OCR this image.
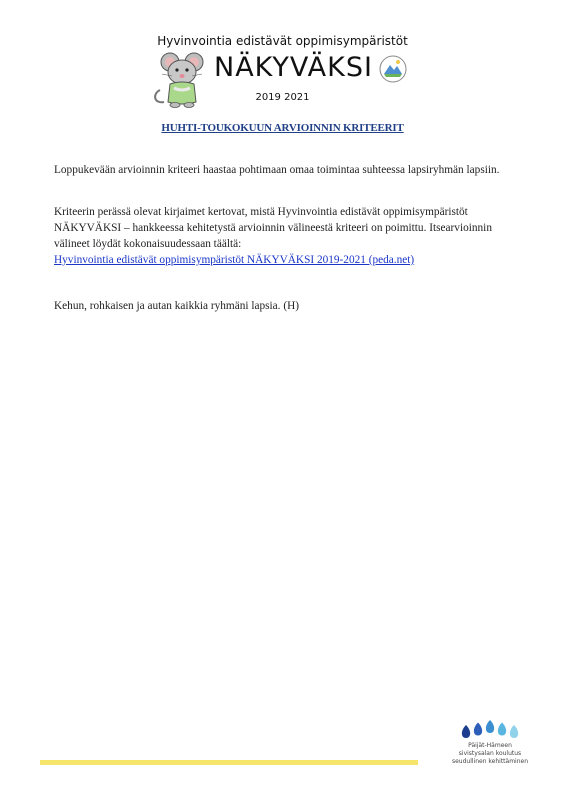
Hyvinvointia edistävät oppimisympäristöt
NÄKYVÄKSI
2019 2021
HUHTI-TOUKOKUUN ARVIOINNIN KRITEERIT

Loppukevään arvioinnin kriteeri haastaa pohtimaan omaa toimintaa suhteessa lapsiryhmän lapsiin.

Kriteerin perässä olevat kirjaimet kertovat, mistä Hyvinvointia edistävät oppimisympäristöt NÄKYVÄKSI – hankkeessa kehitetystä arvioinnin välineestä kriteeri on poimittu. Itsearvioinnin välineet löydät kokonaisuudessaan täältä:
Hyvinvointia edistävät oppimisympäristöt NÄKYVÄKSI 2019-2021 (peda.net)

Kehun, rohkaisen ja autan kaikkia ryhmäni lapsia. (H)

Päijät-Hämeen
sivistysalan koulutus
seudullinen kehittäminen
